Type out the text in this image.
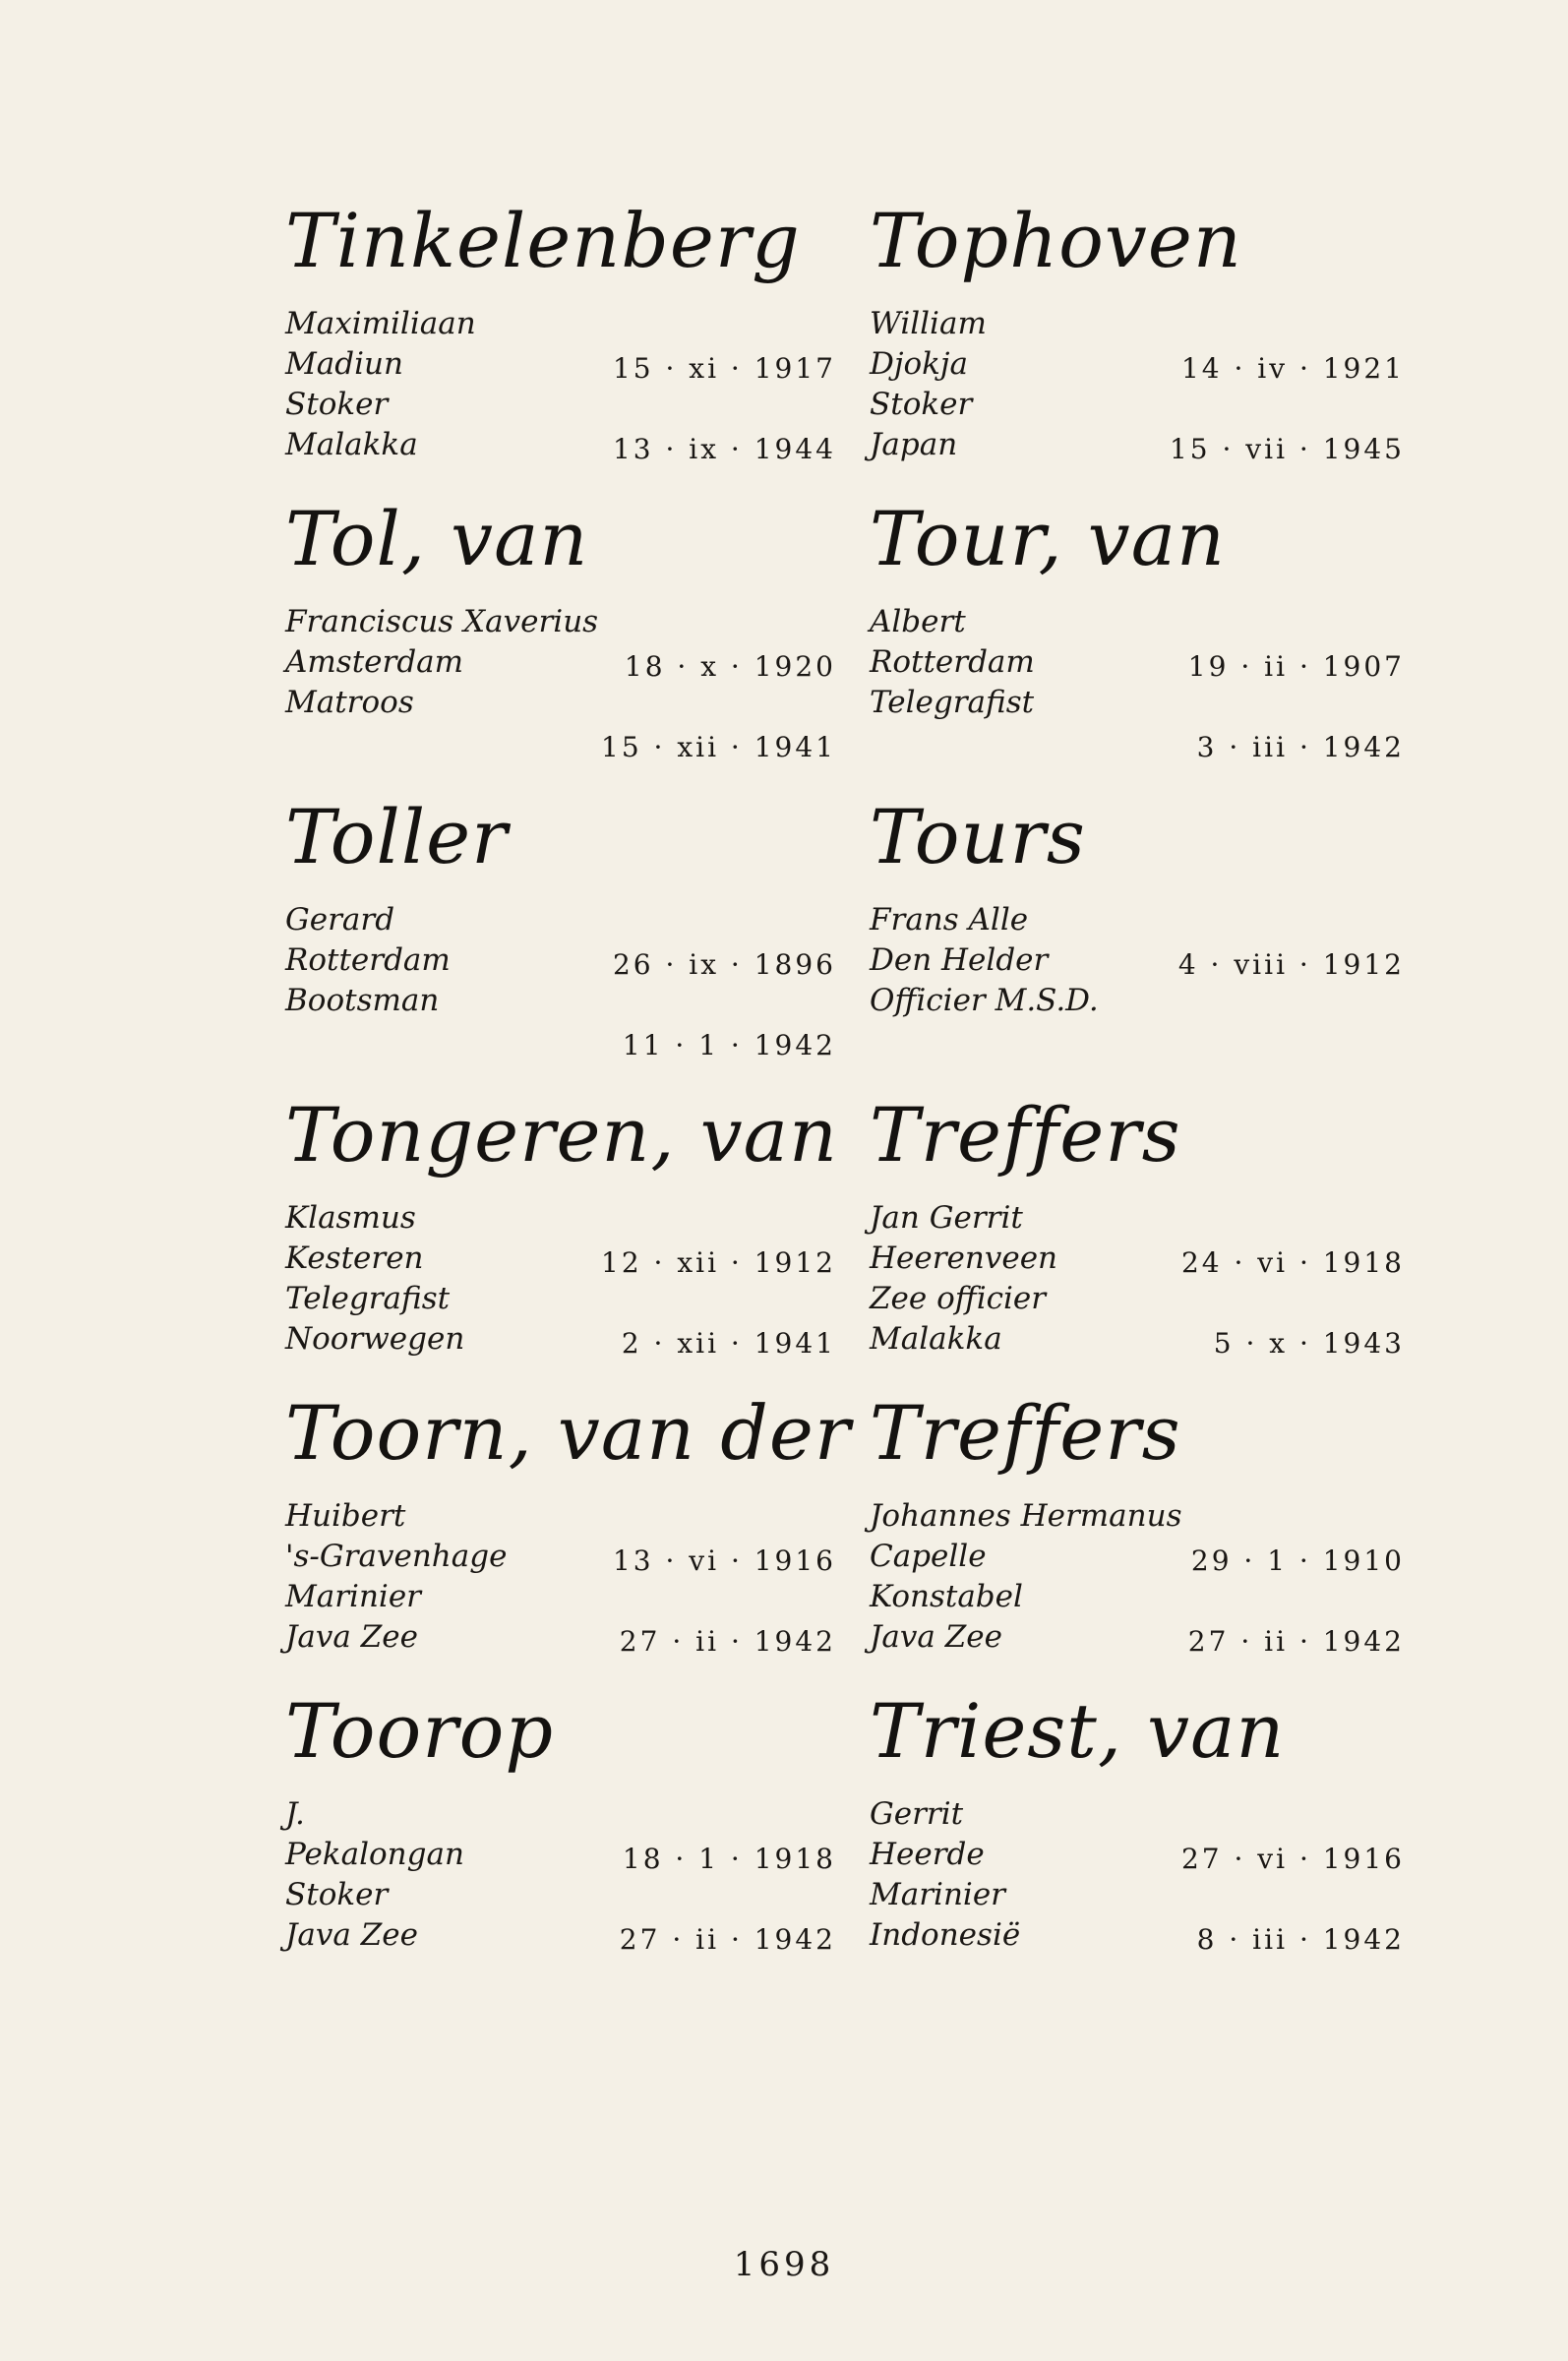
Tinkelenberg
Maximiliaan
Madiun	15 · xi · 1917
Stoker
Malakka	13 · ix · 1944
Tol, van
Franciscus Xaverius
Amsterdam	18 · x · 1920
Matroos
15 · xii · 1941
Toller
Gerard
Rotterdam	26 · ix · 1896
Bootsman
11 · 1 · 1942
Tongeren, van
Klasmus
Kesteren	12 · xii · 1912
Telegrafist
Noorwegen	2 · xii · 1941
Toorn, van der
Huibert
's-Gravenhage	13 · vi · 1916
Marinier
Java Zee	27 · ii · 1942
Toorop
J.
Pekalongan	18 · 1 · 1918
Stoker
Java Zee	27 · ii · 1942
Tophoven
William
Djokja	14 · iv · 1921
Stoker
Japan	15 · vii · 1945
Tour, van
Albert
Rotterdam	19 · ii · 1907
Telegrafist
3 · iii · 1942
Tours
Frans Alle
Den Helder	4 · viii · 1912
Officier M.S.D.
Treffers
Jan Gerrit
Heerenveen	24 · vi · 1918
Zee officier
Malakka	5 · x · 1943
Treffers
Johannes Hermanus
Capelle	29 · 1 · 1910
Konstabel
Java Zee	27 · ii · 1942
Triest, van
Gerrit
Heerde	27 · vi · 1916
Marinier
Indonesië	8 · iii · 1942
1698
